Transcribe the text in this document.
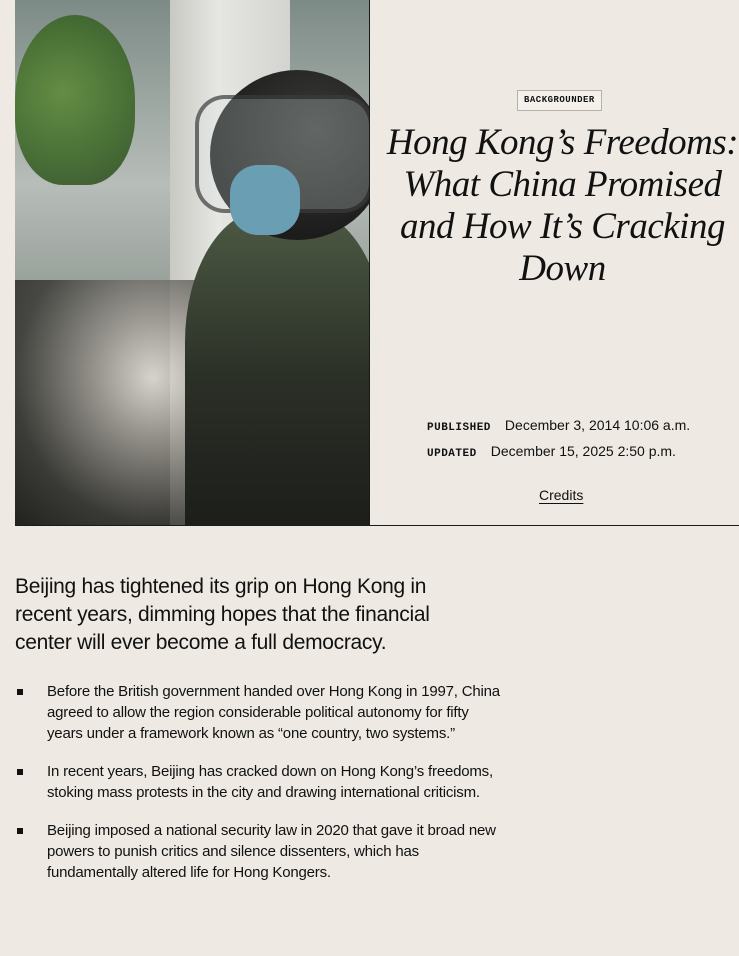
BACKGROUNDER
Hong Kong’s Freedoms: What China Promised and How It’s Cracking Down
PUBLISHED December 3, 2014 10:06 a.m.
UPDATED December 15, 2025 2:50 p.m.
Credits

Beijing has tightened its grip on Hong Kong in recent years, dimming hopes that the financial center will ever become a full democracy.

Before the British government handed over Hong Kong in 1997, China agreed to allow the region considerable political autonomy for fifty years under a framework known as “one country, two systems.”
In recent years, Beijing has cracked down on Hong Kong’s freedoms, stoking mass protests in the city and drawing international criticism.
Beijing imposed a national security law in 2020 that gave it broad new powers to punish critics and silence dissenters, which has fundamentally altered life for Hong Kongers.
